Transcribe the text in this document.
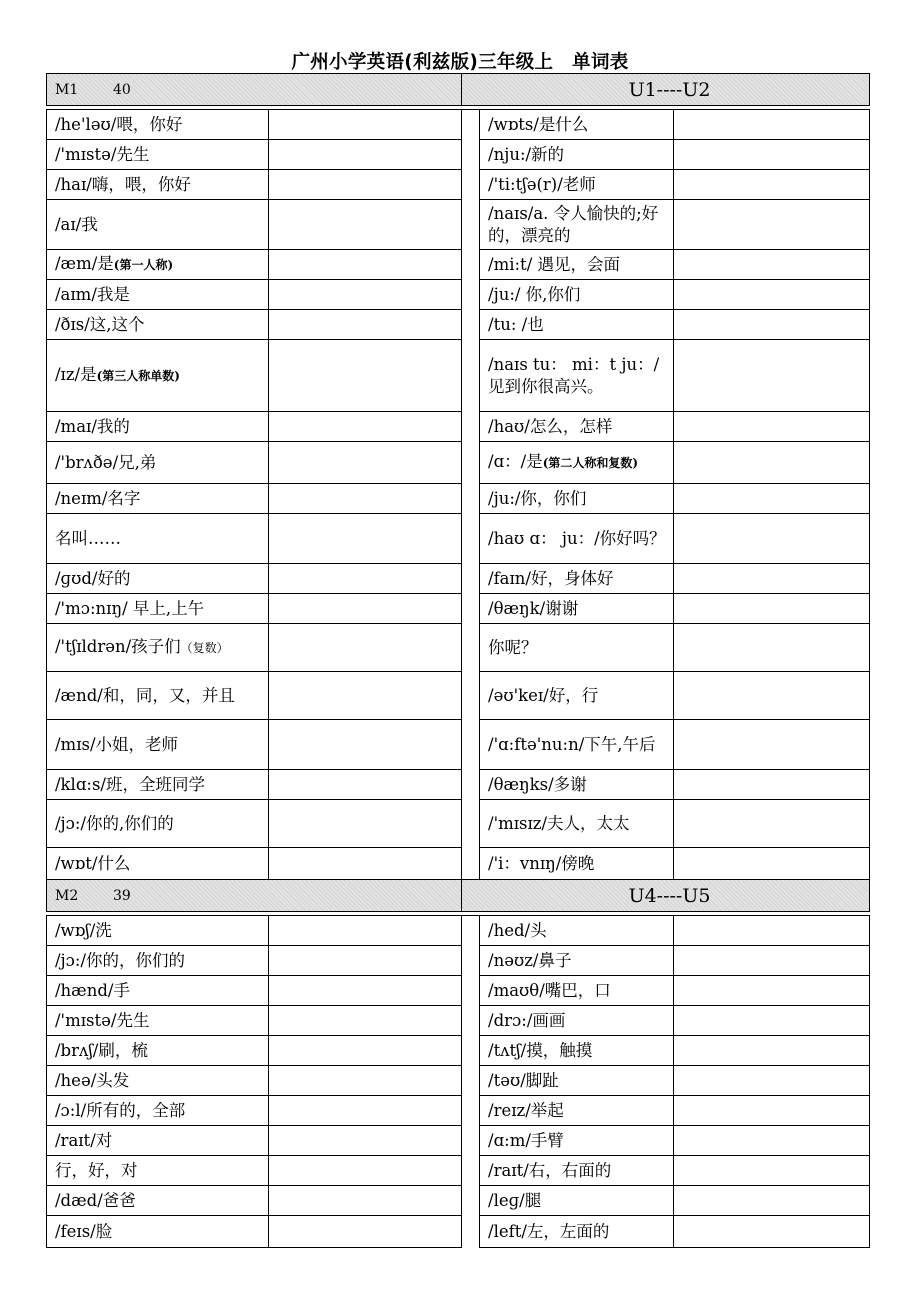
广州小学英语(利兹版)三年级上　单词表
M1 40		U1----U2		

/he'ləʊ/喂，你好			/wɒts/是什么	
/'mɪstə/先生			/nju:/新的	
/haɪ/嗨，喂，你好			/'ti:tʃə(r)/老师	
/aɪ/我			/naɪs/a. 令人愉快的;好的，漂亮的	
/æm/是(第一人称)			/mi:t/ 遇见，会面	
/aɪm/我是			/ju:/ 你,你们	
/ðɪs/这,这个			/tu: /也	
/ɪz/是(第三人称单数)			/naɪs tu： mi：t ju：/见到你很高兴。	
/maɪ/我的			/haʊ/怎么，怎样	
/'brʌðə/兄,弟			/ɑ：/是(第二人称和复数)	
/neɪm/名字			/ju:/你，你们	
名叫……			/haʊ ɑ： ju：/你好吗？	
/ɡʊd/好的			/faɪn/好，身体好	
/'mɔ:nɪŋ/ 早上,上午			/θæŋk/谢谢	
/'tʃɪldrən/孩子们（复数）			你呢？	
/ænd/和，同，又，并且			/əʊ'keɪ/好，行	
/mɪs/小姐，老师			/'ɑ:ftə'nu:n/下午,午后	
/klɑ:s/班，全班同学			/θæŋks/多谢	
/jɔ:/你的,你们的			/'mɪsɪz/夫人，太太	
/wɒt/什么			/'i：vnɪŋ/傍晚	
M2 39		U4----U5		

/wɒʃ/洗			/hed/头	
/jɔ:/你的，你们的			/nəʊz/鼻子	
/hænd/手			/maʊθ/嘴巴，口	
/'mɪstə/先生			/drɔ:/画画	
/brʌʃ/刷，梳			/tʌtʃ/摸，触摸	
/heə/头发			/təʊ/脚趾	
/ɔ:l/所有的，全部			/reɪz/举起	
/raɪt/对			/ɑ:m/手臂	
行，好，对			/raɪt/右，右面的	
/dæd/爸爸			/leɡ/腿	
/feɪs/脸			/left/左，左面的	
